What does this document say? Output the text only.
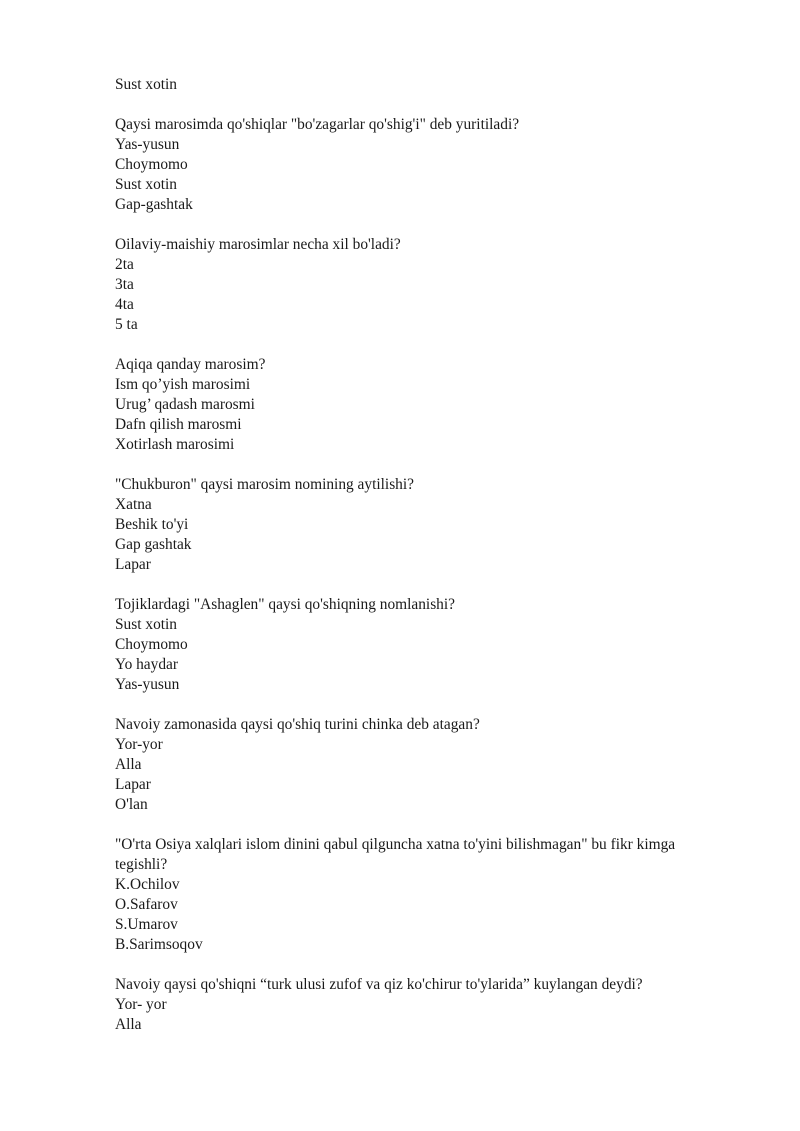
Sust xotin
Qaysi marosimda qo'shiqlar "bo'zagarlar qo'shig'i" deb yuritiladi?
Yas-yusun
Choymomo
Sust xotin
Gap-gashtak
Oilaviy-maishiy marosimlar necha xil bo'ladi?
2ta
3ta
4ta
5 ta
Aqiqa qanday marosim?
Ism qo’yish marosimi
Urug’ qadash marosmi
Dafn qilish marosmi
Xotirlash marosimi
"Chukburon" qaysi marosim nomining aytilishi?
Xatna
Beshik to'yi
Gap gashtak
Lapar
Tojiklardagi "Ashaglen" qaysi qo'shiqning nomlanishi?
Sust xotin
Choymomo
Yo haydar
Yas-yusun
Navoiy zamonasida qaysi qo'shiq turini chinka deb atagan?
Yor-yor
Alla
Lapar
O'lan
"O'rta Osiya xalqlari islom dinini qabul qilguncha xatna to'yini bilishmagan" bu fikr kimga tegishli?
K.Ochilov
O.Safarov
S.Umarov
B.Sarimsoqov
Navoiy qaysi qo'shiqni “turk ulusi zufof va qiz ko'chirur to'ylarida” kuylangan deydi?
Yor- yor
Alla
